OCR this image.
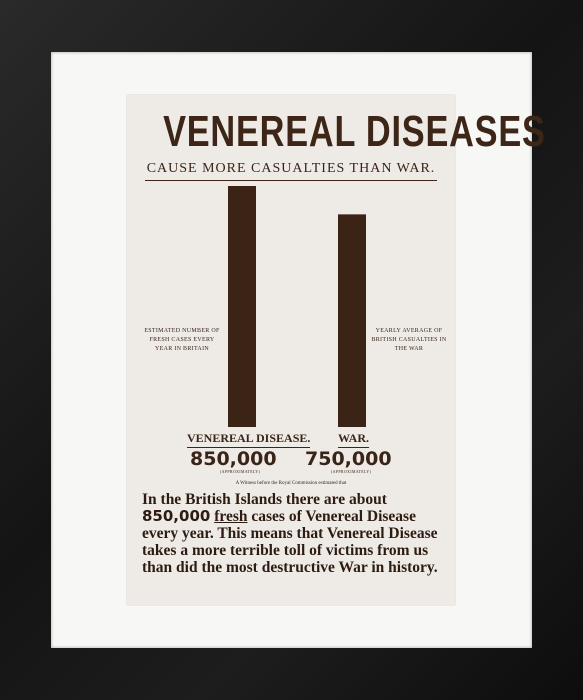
VENEREAL DISEASES
CAUSE MORE CASUALTIES THAN WAR.
ESTIMATED NUMBER OF FRESH CASES EVERY YEAR IN BRITAIN
YEARLY AVERAGE OF BRITISH CASUALTIES IN THE WAR
VENEREAL DISEASE. WAR.
850,000 750,000
(APPROXIMATELY)	(APPROXIMATELY)
A Witness before the Royal Commission estimated that
In the British Islands there are about
850,000 fresh cases of Venereal Disease every year. This means that Venereal Disease takes a more terrible toll of victims from us than did the most destructive War in history.
